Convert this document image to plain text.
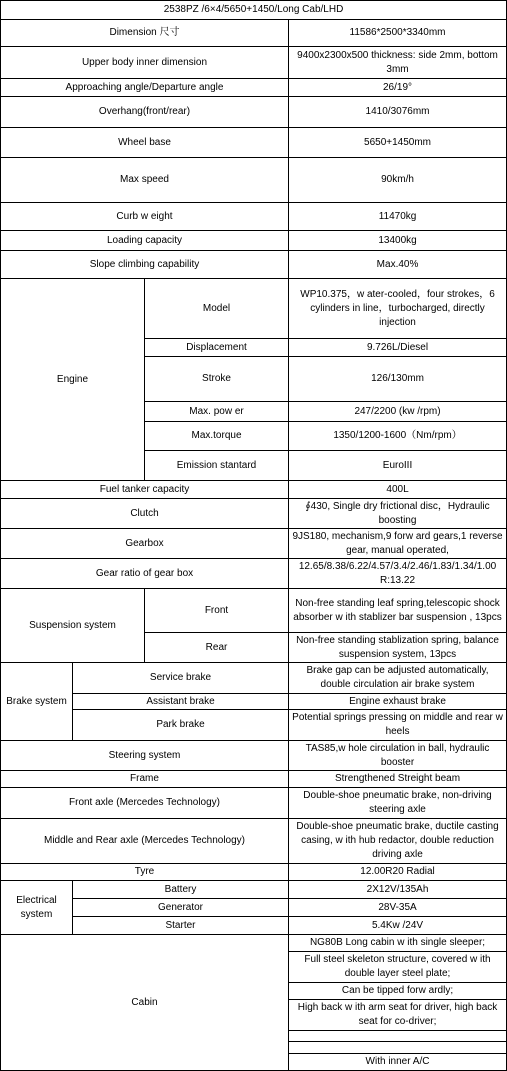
2538PZ /6×4/5650+1450/Long Cab/LHD			
Dimension 尺寸			11586*2500*3340mm
Upper body inner dimension			9400x2300x500 thickness: side 2mm, bottom 3mm
Approaching angle/Departure angle			26/19°
Overhang(front/rear)			1410/3076mm
Wheel base			5650+1450mm
Max speed			90km/h
Curb w eight			11470kg
Loading capacity			13400kg
Slope climbing capability			Max.40%
Engine		Model	WP10.375，w ater-cooled，four strokes，6 cylinders in line，turbocharged, directly injection
		Displacement	9.726L/Diesel
		Stroke	126/130mm
		Max. pow er	247/2200 (kw /rpm)
		Max.torque	1350/1200-1600（Nm/rpm）
		Emission stantard	EuroIII
Fuel tanker capacity			400L
Clutch			∮430, Single dry frictional disc，Hydraulic boosting
Gearbox			9JS180, mechanism,9 forw ard gears,1 reverse gear, manual operated,
Gear ratio of gear box			12.65/8.38/6.22/4.57/3.4/2.46/1.83/1.34/1.00 R:13.22
Suspension system		Front	Non-free standing leaf spring,telescopic shock absorber w ith stablizer bar suspension , 13pcs
		Rear	Non-free standing stablization spring, balance suspension system, 13pcs
Brake system	Service brake		Brake gap can be adjusted automatically, double circulation air brake system
	Assistant brake		Engine exhaust brake
	Park brake		Potential springs pressing on middle and rear w heels
Steering system			TAS85,w hole circulation in ball, hydraulic booster
Frame			Strengthened Streight beam
Front axle (Mercedes Technology)			Double-shoe pneumatic brake, non-driving steering axle
Middle and Rear axle (Mercedes Technology)			Double-shoe pneumatic brake, ductile casting casing, w ith hub redactor, double reduction driving axle
Tyre			12.00R20 Radial
Electrical system	Battery		2X12V/135Ah
	Generator		28V-35A
	Starter		5.4Kw /24V
Cabin			NG80B Long cabin w ith single sleeper;
			Full steel skeleton structure, covered w ith double layer steel plate;
			Can be tipped forw ardly;
			High back w ith arm seat for driver, high back seat for co-driver;

			With inner A/C
